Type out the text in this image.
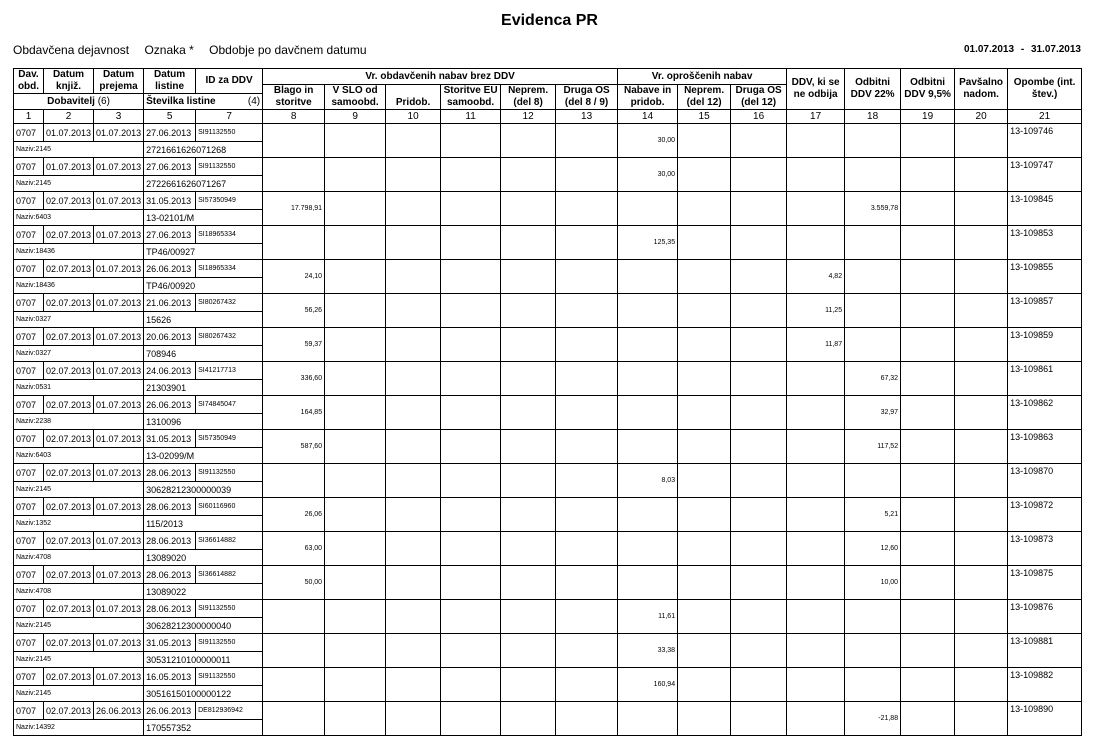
Evidenca PR
Obdavčena dejavnost Oznaka * Obdobje po davčnem datumu	01.07.2013 - 31.07.2013
Dav. obd.	Datum knjiž.	Datum prejema	Datum listine	ID za DDV	Vr. obdavčenih nabav brez DDV						Vr. oproščenih nabav			DDV, ki se ne odbija	Odbitni DDV 22%	Odbitni DDV 9,5%	Pavšalno nadom.	Opombe (int. štev.)
					Blago in storitve	V SLO od samoobd.	Pridob.	Storitve EU samoobd.	Neprem. (del 8)	Druga OS (del 8 / 9)	Nabave in pridob.	Neprem. (del 12)	Druga OS (del 12)					
Dobavitelj (6)			Številka listine (4)															

1	2	3	5	7	8	9	10	11	12	13	14	15	16	17	18	19	20	21
0707	01.07.2013	01.07.2013	27.06.2013	SI91132550							30,00							13-109746
Naziv:2145			2721661626071268															
0707	01.07.2013	01.07.2013	27.06.2013	SI91132550							30,00							13-109747
Naziv:2145			2722661626071267															
0707	02.07.2013	01.07.2013	31.05.2013	SI57350949	17.798,91										3.559,78			13-109845
Naziv:6403			13-02101/M															
0707	02.07.2013	01.07.2013	27.06.2013	SI18965334							125,35							13-109853
Naziv:18436			TP46/00927															
0707	02.07.2013	01.07.2013	26.06.2013	SI18965334	24,10									4,82				13-109855
Naziv:18436			TP46/00920															
0707	02.07.2013	01.07.2013	21.06.2013	SI80267432	56,26									11,25				13-109857
Naziv:0327			15626															
0707	02.07.2013	01.07.2013	20.06.2013	SI80267432	59,37									11,87				13-109859
Naziv:0327			708946															
0707	02.07.2013	01.07.2013	24.06.2013	SI41217713	336,60										67,32			13-109861
Naziv:0531			21303901															
0707	02.07.2013	01.07.2013	26.06.2013	SI74845047	164,85										32,97			13-109862
Naziv:2238			1310096															
0707	02.07.2013	01.07.2013	31.05.2013	SI57350949	587,60										117,52			13-109863
Naziv:6403			13-02099/M															
0707	02.07.2013	01.07.2013	28.06.2013	SI91132550							8,03							13-109870
Naziv:2145			30628212300000039															
0707	02.07.2013	01.07.2013	28.06.2013	SI60116960	26,06										5,21			13-109872
Naziv:1352			115/2013															
0707	02.07.2013	01.07.2013	28.06.2013	SI36614882	63,00										12,60			13-109873
Naziv:4708			13089020															
0707	02.07.2013	01.07.2013	28.06.2013	SI36614882	50,00										10,00			13-109875
Naziv:4708			13089022															
0707	02.07.2013	01.07.2013	28.06.2013	SI91132550							11,61							13-109876
Naziv:2145			30628212300000040															
0707	02.07.2013	01.07.2013	31.05.2013	SI91132550							33,38							13-109881
Naziv:2145			30531210100000011															
0707	02.07.2013	01.07.2013	16.05.2013	SI91132550							160,94							13-109882
Naziv:2145			30516150100000122															
0707	02.07.2013	26.06.2013	26.06.2013	DE812936942											-21,88			13-109890
Naziv:14392			170557352															
